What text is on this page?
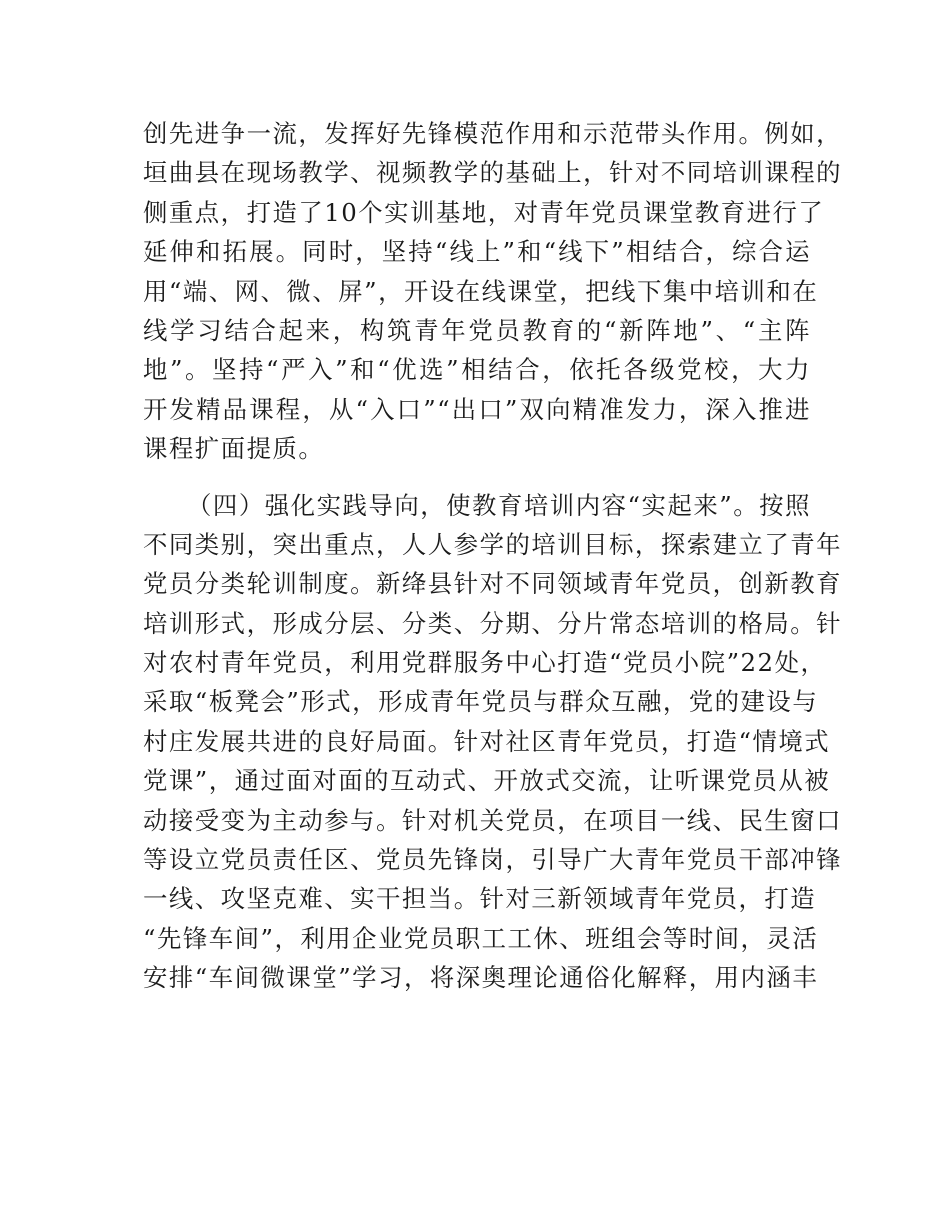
创先进争一流，发挥好先锋模范作用和示范带头作用。例如，
垣曲县在现场教学、视频教学的基础上，针对不同培训课程的
侧重点，打造了10个实训基地，对青年党员课堂教育进行了
延伸和拓展。同时，坚持“线上”和“线下”相结合，综合运
用“端、网、微、屏”，开设在线课堂，把线下集中培训和在
线学习结合起来，构筑青年党员教育的“新阵地”、“主阵
地”。坚持“严入”和“优选”相结合，依托各级党校，大力
开发精品课程，从“入口”“出口”双向精准发力，深入推进
课程扩面提质。
（四）强化实践导向，使教育培训内容“实起来”。按照
不同类别，突出重点，人人参学的培训目标，探索建立了青年
党员分类轮训制度。新绛县针对不同领域青年党员，创新教育
培训形式，形成分层、分类、分期、分片常态培训的格局。针
对农村青年党员，利用党群服务中心打造“党员小院”22处，
采取“板凳会”形式，形成青年党员与群众互融，党的建设与
村庄发展共进的良好局面。针对社区青年党员，打造“情境式
党课”，通过面对面的互动式、开放式交流，让听课党员从被
动接受变为主动参与。针对机关党员，在项目一线、民生窗口
等设立党员责任区、党员先锋岗，引导广大青年党员干部冲锋
一线、攻坚克难、实干担当。针对三新领域青年党员，打造
“先锋车间”，利用企业党员职工工休、班组会等时间，灵活
安排“车间微课堂”学习，将深奥理论通俗化解释，用内涵丰
